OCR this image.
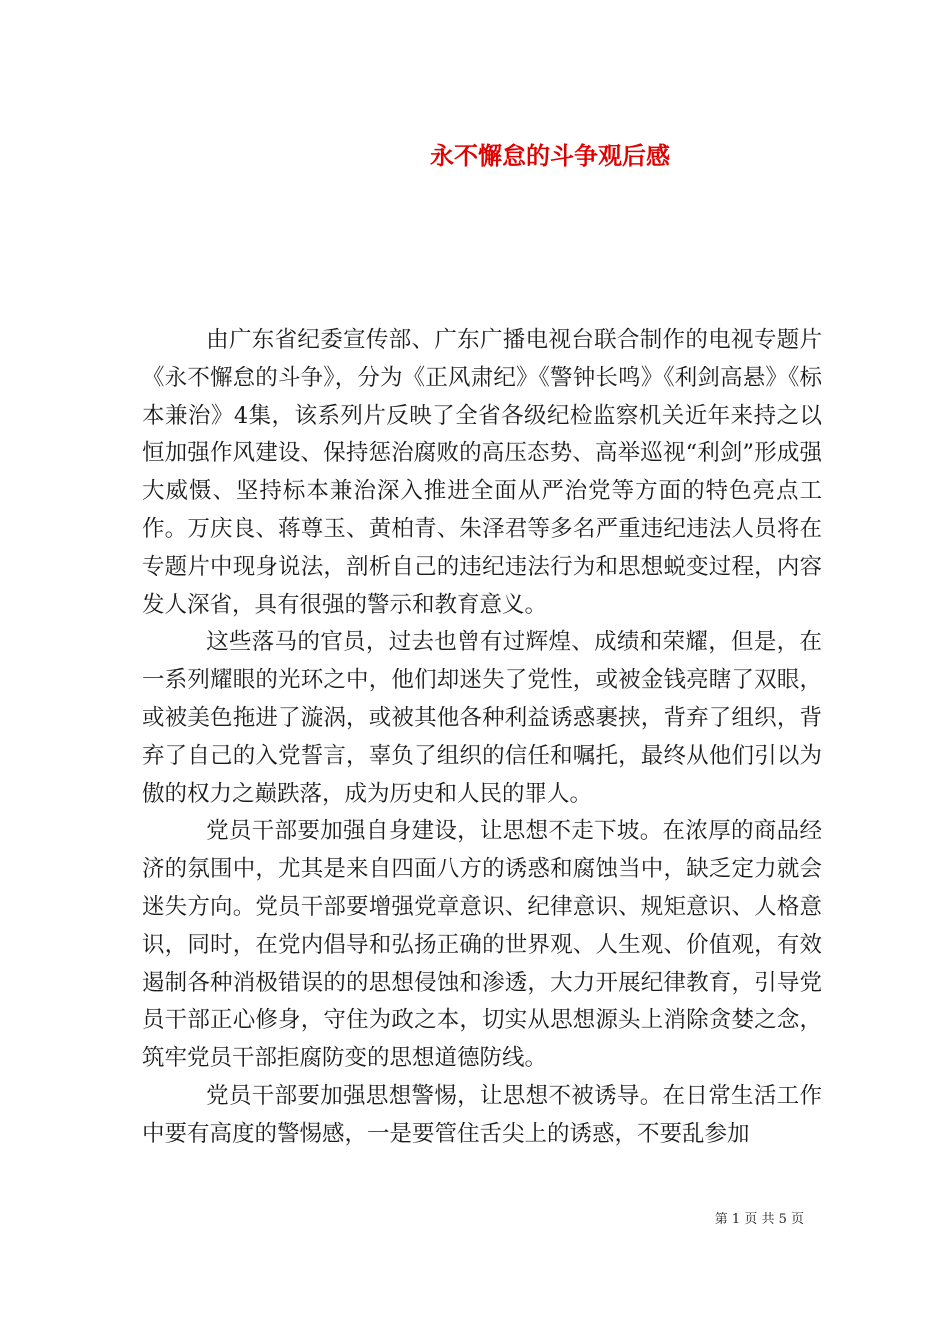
永不懈怠的斗争观后感

由广东省纪委宣传部、广东广播电视台联合制作的电视专题片《永不懈怠的斗争》，分为《正风肃纪》《警钟长鸣》《利剑高悬》《标本兼治》4集，该系列片反映了全省各级纪检监察机关近年来持之以恒加强作风建设、保持惩治腐败的高压态势、高举巡视“利剑”形成强大威慑、坚持标本兼治深入推进全面从严治党等方面的特色亮点工作。万庆良、蒋尊玉、黄柏青、朱泽君等多名严重违纪违法人员将在专题片中现身说法，剖析自己的违纪违法行为和思想蜕变过程，内容发人深省，具有很强的警示和教育意义。

这些落马的官员，过去也曾有过辉煌、成绩和荣耀，但是，在一系列耀眼的光环之中，他们却迷失了党性，或被金钱亮瞎了双眼，或被美色拖进了漩涡，或被其他各种利益诱惑裹挟，背弃了组织，背弃了自己的入党誓言，辜负了组织的信任和嘱托，最终从他们引以为傲的权力之巅跌落，成为历史和人民的罪人。

党员干部要加强自身建设，让思想不走下坡。在浓厚的商品经济的氛围中，尤其是来自四面八方的诱惑和腐蚀当中，缺乏定力就会迷失方向。党员干部要增强党章意识、纪律意识、规矩意识、人格意识，同时，在党内倡导和弘扬正确的世界观、人生观、价值观，有效遏制各种消极错误的的思想侵蚀和渗透，大力开展纪律教育，引导党员干部正心修身，守住为政之本，切实从思想源头上消除贪婪之念，筑牢党员干部拒腐防变的思想道德防线。

党员干部要加强思想警惕，让思想不被诱导。在日常生活工作中要有高度的警惕感，一是要管住舌尖上的诱惑，不要乱参加

第 1 页 共 5 页
